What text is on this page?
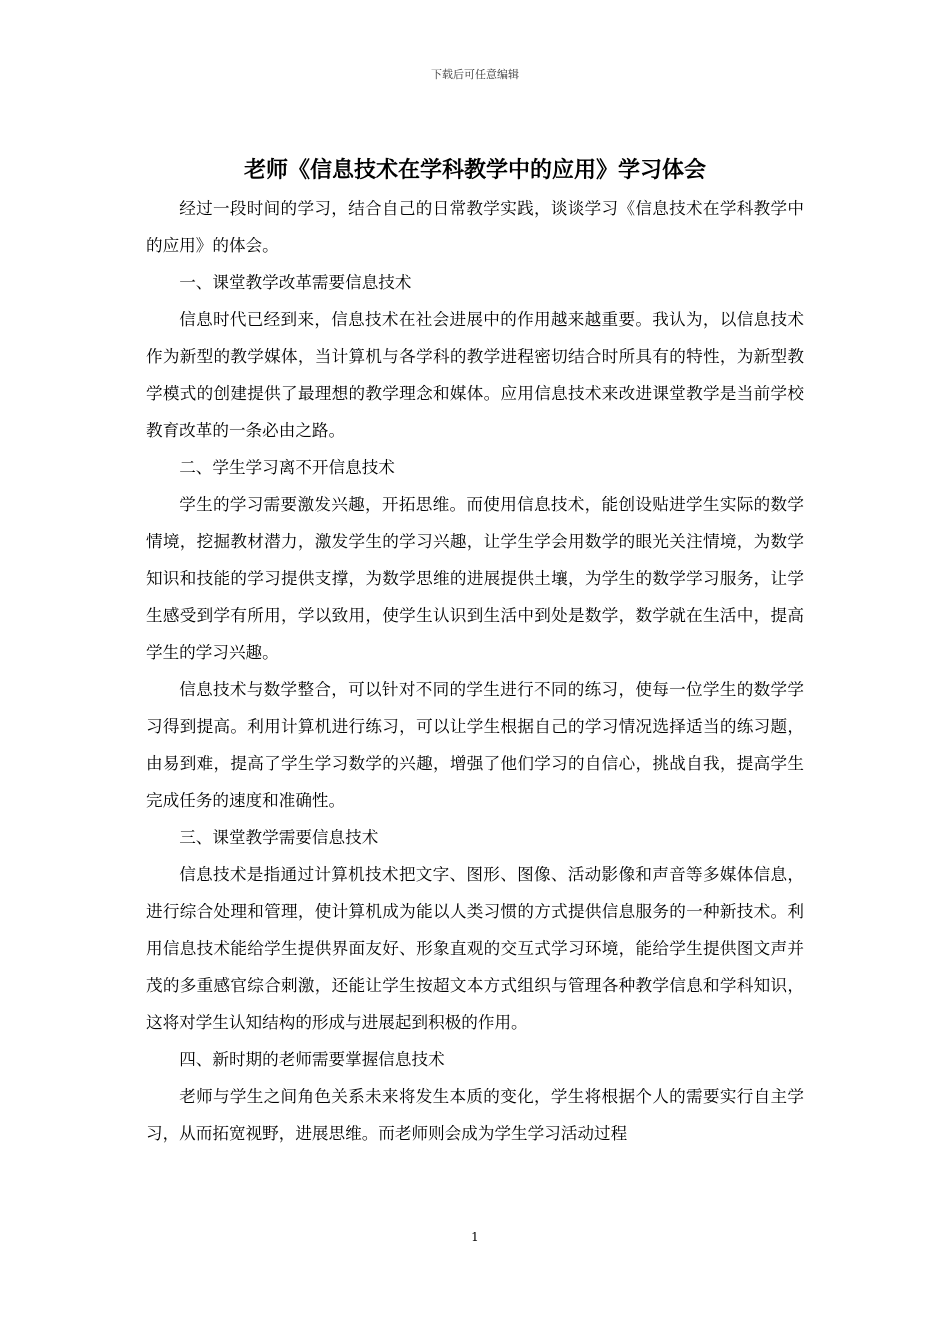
下载后可任意编辑
老师《信息技术在学科教学中的应用》学习体会

经过一段时间的学习，结合自己的日常教学实践，谈谈学习《信息技术在学科教学中的应用》的体会。

一、课堂教学改革需要信息技术

信息时代已经到来，信息技术在社会进展中的作用越来越重要。我认为，以信息技术作为新型的教学媒体，当计算机与各学科的教学进程密切结合时所具有的特性，为新型教学模式的创建提供了最理想的教学理念和媒体。应用信息技术来改进课堂教学是当前学校教育改革的一条必由之路。

二、学生学习离不开信息技术

学生的学习需要激发兴趣，开拓思维。而使用信息技术，能创设贴进学生实际的数学情境，挖掘教材潜力，激发学生的学习兴趣，让学生学会用数学的眼光关注情境，为数学知识和技能的学习提供支撑，为数学思维的进展提供土壤，为学生的数学学习服务，让学生感受到学有所用，学以致用，使学生认识到生活中到处是数学，数学就在生活中，提高学生的学习兴趣。

信息技术与数学整合，可以针对不同的学生进行不同的练习，使每一位学生的数学学习得到提高。利用计算机进行练习，可以让学生根据自己的学习情况选择适当的练习题，由易到难，提高了学生学习数学的兴趣，增强了他们学习的自信心，挑战自我，提高学生完成任务的速度和准确性。

三、课堂教学需要信息技术

信息技术是指通过计算机技术把文字、图形、图像、活动影像和声音等多媒体信息，进行综合处理和管理，使计算机成为能以人类习惯的方式提供信息服务的一种新技术。利用信息技术能给学生提供界面友好、形象直观的交互式学习环境，能给学生提供图文声并茂的多重感官综合刺激，还能让学生按超文本方式组织与管理各种教学信息和学科知识，这将对学生认知结构的形成与进展起到积极的作用。

四、新时期的老师需要掌握信息技术

老师与学生之间角色关系未来将发生本质的变化，学生将根据个人的需要实行自主学习，从而拓宽视野，进展思维。而老师则会成为学生学习活动过程

1
